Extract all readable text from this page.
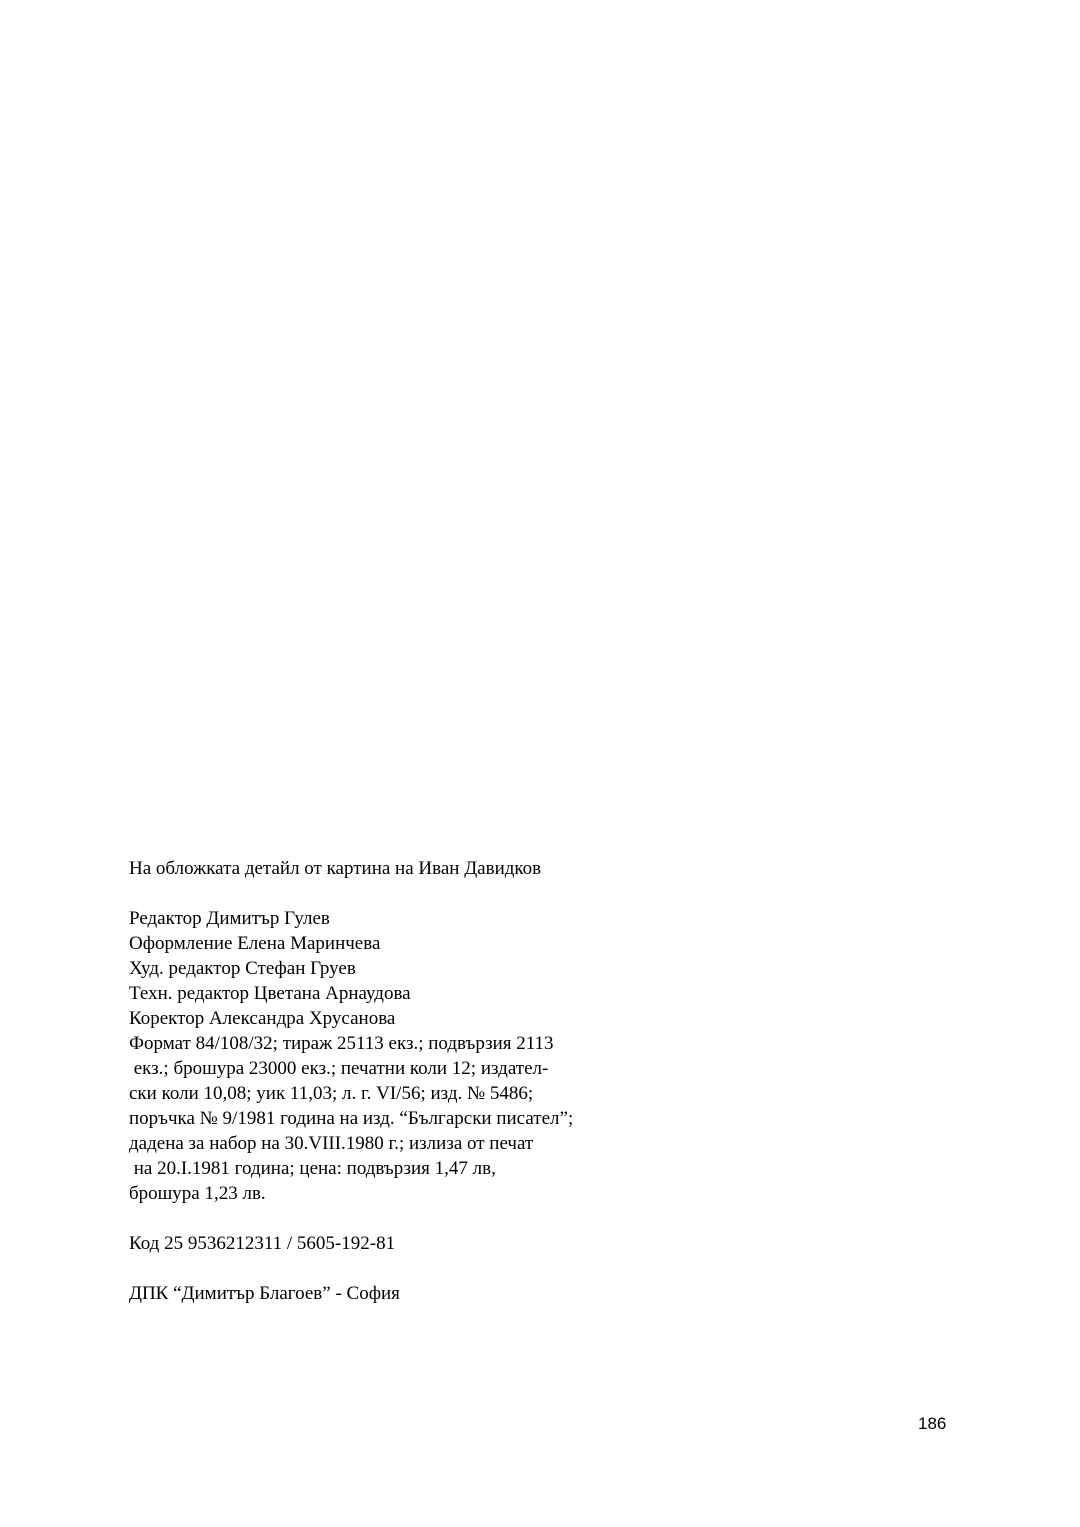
На обложката детайл от картина на Иван Давидков
Редактор Димитър Гулев
Оформление Елена Маринчева
Худ. редактор Стефан Груев
Техн. редактор Цветана Арнаудова
Коректор Александра Хрусанова
Формат 84/108/32; тираж 25113 екз.; подвързия 2113
екз.; брошура 23000 екз.; печатни коли 12; издател-
ски коли 10,08; уик 11,03; л. г. VI/56; изд. № 5486;
поръчка № 9/1981 година на изд. “Български писател”;
дадена за набор на 30.VIII.1980 г.; излиза от печат
на 20.I.1981 година; цена: подвързия 1,47 лв,
брошура 1,23 лв.
Код 25 9536212311 / 5605-192-81
ДПК “Димитър Благоев” - София
186
